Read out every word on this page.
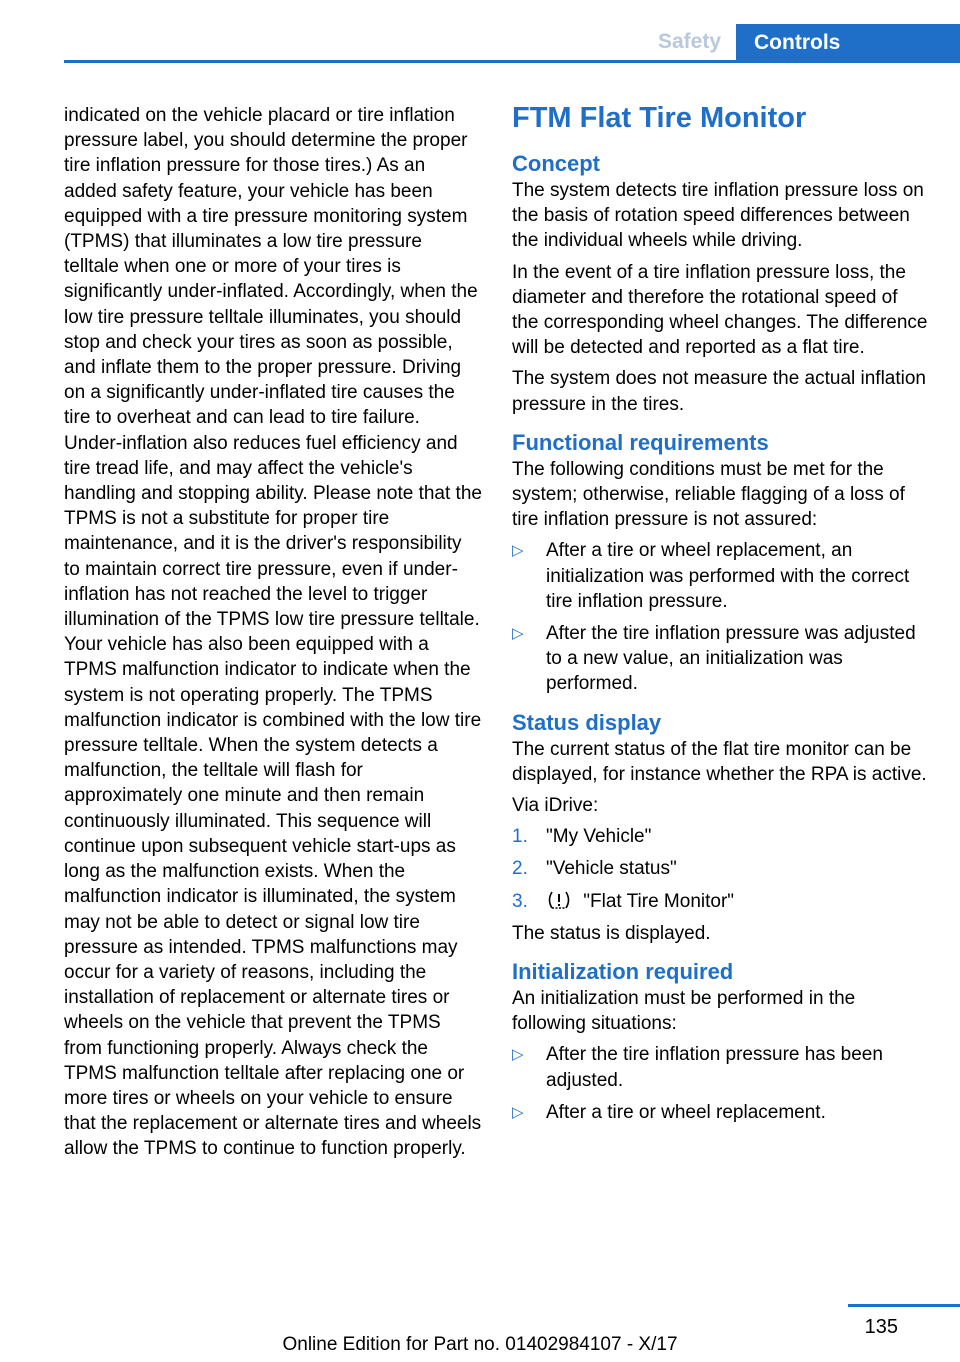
Safety	Controls

indicated on the vehicle placard or tire inflation pressure label, you should determine the proper tire inflation pressure for those tires.) As an added safety feature, your vehicle has been equipped with a tire pressure monitoring system (TPMS) that illuminates a low tire pressure telltale when one or more of your tires is significantly under-inflated. Accordingly, when the low tire pressure telltale illuminates, you should stop and check your tires as soon as possible, and inflate them to the proper pressure. Driving on a significantly under-inflated tire causes the tire to overheat and can lead to tire failure. Under-inflation also reduces fuel efficiency and tire tread life, and may affect the vehicle's handling and stopping ability. Please note that the TPMS is not a substitute for proper tire maintenance, and it is the driver's responsibility to maintain correct tire pressure, even if under-inflation has not reached the level to trigger illumination of the TPMS low tire pressure telltale. Your vehicle has also been equipped with a TPMS malfunction indicator to indicate when the system is not operating properly. The TPMS malfunction indicator is combined with the low tire pressure telltale. When the system detects a malfunction, the telltale will flash for approximately one minute and then remain continuously illuminated. This sequence will continue upon subsequent vehicle start-ups as long as the malfunction exists. When the malfunction indicator is illuminated, the system may not be able to detect or signal low tire pressure as intended. TPMS malfunctions may occur for a variety of reasons, including the installation of replacement or alternate tires or wheels on the vehicle that prevent the TPMS from functioning properly. Always check the TPMS malfunction telltale after replacing one or more tires or wheels on your vehicle to ensure that the replacement or alternate tires and wheels allow the TPMS to continue to function properly.

FTM Flat Tire Monitor
Concept

The system detects tire inflation pressure loss on the basis of rotation speed differences between the individual wheels while driving.

In the event of a tire inflation pressure loss, the diameter and therefore the rotational speed of the corresponding wheel changes. The difference will be detected and reported as a flat tire.

The system does not measure the actual inflation pressure in the tires.

Functional requirements

The following conditions must be met for the system; otherwise, reliable flagging of a loss of tire inflation pressure is not assured:

▷ After a tire or wheel replacement, an initialization was performed with the correct tire inflation pressure.
▷ After the tire inflation pressure was adjusted to a new value, an initialization was performed.
Status display

The current status of the flat tire monitor can be displayed, for instance whether the RPA is active.

Via iDrive:

1. "My Vehicle"
2. "Vehicle status"
3.	"Flat Tire Monitor"

The status is displayed.

Initialization required

An initialization must be performed in the following situations:

▷ After the tire inflation pressure has been adjusted.
▷ After a tire or wheel replacement.
135
Online Edition for Part no. 01402984107 - X/17
